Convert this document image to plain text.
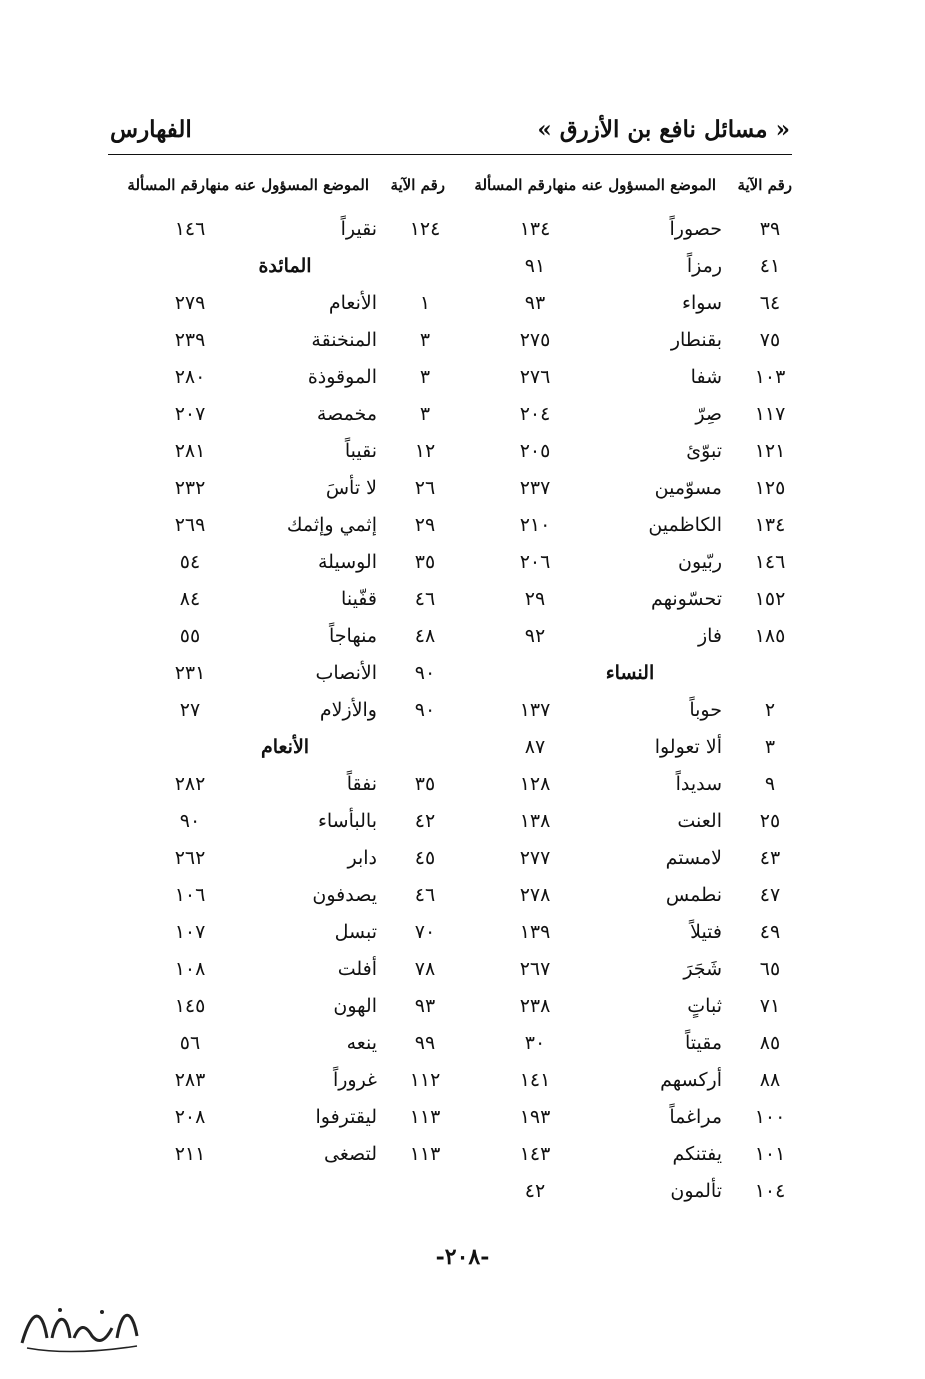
« مسائل نافع بن الأزرق »
الفهارس
رقم الآية
الموضع المسؤول عنه منها
رقم المسألة
رقم الآية
الموضع المسؤول عنه منها
رقم المسألة
٣٩
حصوراً
١٣٤
٤١
رمزاً
٩١
٦٤
سواء
٩٣
٧٥
بقنطار
٢٧٥
١٠٣
شفا
٢٧٦
١١٧
صِرّ
٢٠٤
١٢١
تبوّئ
٢٠٥
١٢٥
مسوّمين
٢٣٧
١٣٤
الكاظمين
٢١٠
١٤٦
ربّيون
٢٠٦
١٥٢
تحسّونهم
٢٩
١٨٥
فاز
٩٢
النساء
٢
حوباً
١٣٧
٣
ألا تعولوا
٨٧
٩
سديداً
١٢٨
٢٥
العنت
١٣٨
٤٣
لامستم
٢٧٧
٤٧
نطمس
٢٧٨
٤٩
فتيلاً
١٣٩
٦٥
شَجَرَ
٢٦٧
٧١
ثباتٍ
٢٣٨
٨٥
مقيتاً
٣٠
٨٨
أركسهم
١٤١
١٠٠
مراغماً
١٩٣
١٠١
يفتنكم
١٤٣
١٠٤
تألمون
٤٢
١٢٤
نقيراً
١٤٦
المائدة
١
الأنعام
٢٧٩
٣
المنخنقة
٢٣٩
٣
الموقوذة
٢٨٠
٣
مخمصة
٢٠٧
١٢
نقيباً
٢٨١
٢٦
لا تأسَ
٢٣٢
٢٩
إثمي وإثمك
٢٦٩
٣٥
الوسيلة
٥٤
٤٦
قفّينا
٨٤
٤٨
منهاجاً
٥٥
٩٠
الأنصاب
٢٣١
٩٠
والأزلام
٢٧
الأنعام
٣٥
نفقاً
٢٨٢
٤٢
بالبأساء
٩٠
٤٥
دابر
٢٦٢
٤٦
يصدفون
١٠٦
٧٠
تبسل
١٠٧
٧٨
أفلت
١٠٨
٩٣
الهون
١٤٥
٩٩
ينعه
٥٦
١١٢
غروراً
٢٨٣
١١٣
ليقترفوا
٢٠٨
١١٣
لتصغى
٢١١
-٢٠٨-
